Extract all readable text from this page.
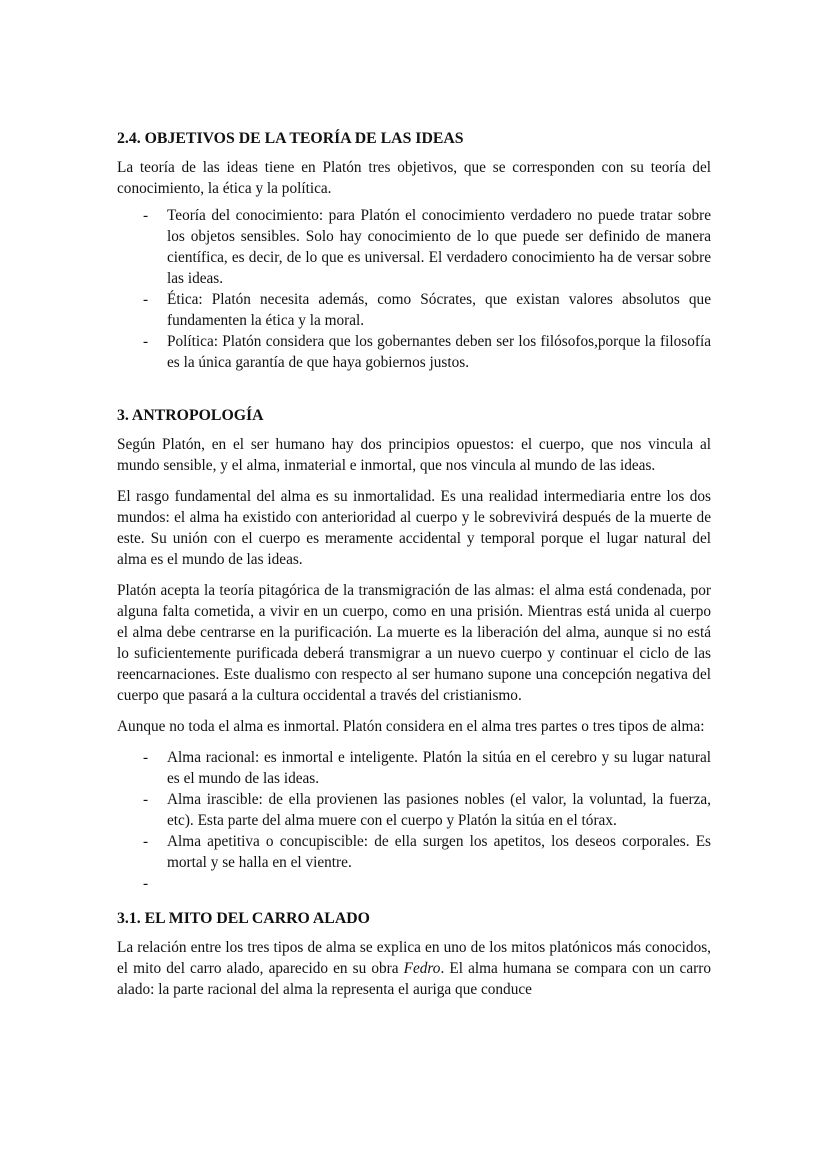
2.4. OBJETIVOS DE LA TEORÍA DE LAS IDEAS

La teoría de las ideas tiene en Platón tres objetivos, que se corresponden con su teoría del conocimiento, la ética y la política.

- Teoría del conocimiento: para Platón el conocimiento verdadero no puede tratar sobre los objetos sensibles. Solo hay conocimiento de lo que puede ser definido de manera científica, es decir, de lo que es universal. El verdadero conocimiento ha de versar sobre las ideas.
- Ética: Platón necesita además, como Sócrates, que existan valores absolutos que fundamenten la ética y la moral.
- Política: Platón considera que los gobernantes deben ser los filósofos,porque la filosofía es la única garantía de que haya gobiernos justos.
3. ANTROPOLOGÍA

Según Platón, en el ser humano hay dos principios opuestos: el cuerpo, que nos vincula al mundo sensible, y el alma, inmaterial e inmortal, que nos vincula al mundo de las ideas.

El rasgo fundamental del alma es su inmortalidad. Es una realidad intermediaria entre los dos mundos: el alma ha existido con anterioridad al cuerpo y le sobrevivirá después de la muerte de este. Su unión con el cuerpo es meramente accidental y temporal porque el lugar natural del alma es el mundo de las ideas.

Platón acepta la teoría pitagórica de la transmigración de las almas: el alma está condenada, por alguna falta cometida, a vivir en un cuerpo, como en una prisión. Mientras está unida al cuerpo el alma debe centrarse en la purificación. La muerte es la liberación del alma, aunque si no está lo suficientemente purificada deberá transmigrar a un nuevo cuerpo y continuar el ciclo de las reencarnaciones. Este dualismo con respecto al ser humano supone una concepción negativa del cuerpo que pasará a la cultura occidental a través del cristianismo.

Aunque no toda el alma es inmortal. Platón considera en el alma tres partes o tres tipos de alma:

- Alma racional: es inmortal e inteligente. Platón la sitúa en el cerebro y su lugar natural es el mundo de las ideas.
- Alma irascible: de ella provienen las pasiones nobles (el valor, la voluntad, la fuerza, etc). Esta parte del alma muere con el cuerpo y Platón la sitúa en el tórax.
- Alma apetitiva o concupiscible: de ella surgen los apetitos, los deseos corporales. Es mortal y se halla en el vientre.
-

3.1. EL MITO DEL CARRO ALADO

La relación entre los tres tipos de alma se explica en uno de los mitos platónicos más conocidos, el mito del carro alado, aparecido en su obra Fedro. El alma humana se compara con un carro alado: la parte racional del alma la representa el auriga que conduce
